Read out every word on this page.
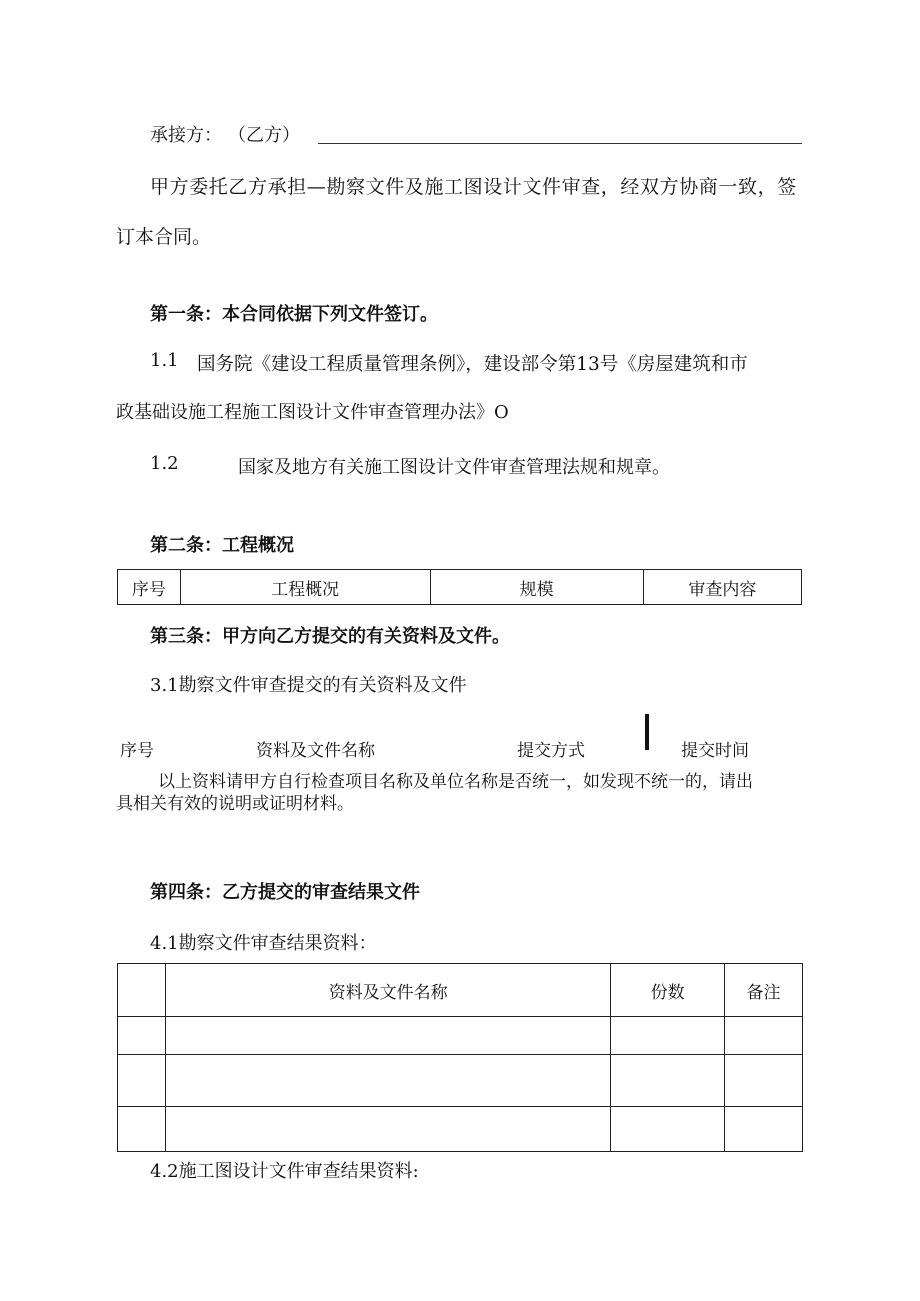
承接方： （乙方）
甲方委托乙方承担—勘察文件及施工图设计文件审查，经双方协商一致，签
订本合同。
第一条：本合同依据下列文件签订。
1.1 国务院《建设工程质量管理条例》，建设部令第13号《房屋建筑和市
政基础设施工程施工图设计文件审查管理办法》O
1.2	国家及地方有关施工图设计文件审查管理法规和规章。
第二条：工程概况
序号	工程概况	规模	审查内容
第三条：甲方向乙方提交的有关资料及文件。
3.1勘察文件审查提交的有关资料及文件
序号	资料及文件名称	提交方式	提交时间
以上资料请甲方自行检查项目名称及单位名称是否统一，如发现不统一的，请出
具相关有效的说明或证明材料。
第四条：乙方提交的审查结果文件
4.1勘察文件审查结果资料：
	资料及文件名称	份数	备注

4.2施工图设计文件审查结果资料:
